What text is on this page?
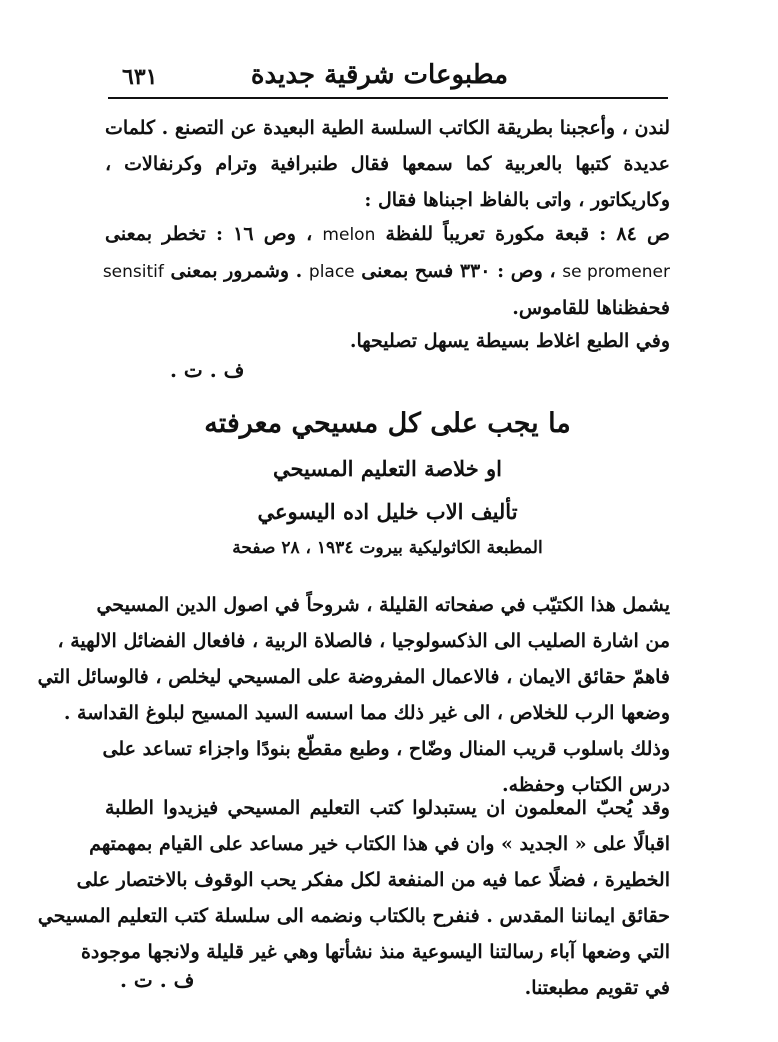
مطبوعات شرقية جديدة
٦٣١
لندن ، وأعجبنا بطريقة الكاتب السلسة الطية البعيدة عن التصنع . كلمات
عديدة كتبها بالعربية كما سمعها فقال طنبرافية وترام وكرنفالات ،
وكاريكاتور ، واتى بالفاظ اجبناها فقال :
ص ٨٤ : قبعة مكورة تعريباً للفظة melon ، وص ١٦ : تخطر بمعنى
se promener ، وص : ٣٣٠ فسح بمعنى place . وشمرور بمعنى sensitif
فحفظناها للقاموس.
وفي الطبع اغلاط بسيطة يسهل تصليحها.
ف . ت .
ما يجب على كل مسيحي معرفته
او خلاصة التعليم المسيحي
تأليف الاب خليل اده اليسوعي
المطبعة الكاثوليكية بيروت ١٩٣٤ ، ٢٨ صفحة
يشمل هذا الكتيّب في صفحاته القليلة ، شروحاً في اصول الدين المسيحي
من اشارة الصليب الى الذكسولوجيا ، فالصلاة الربية ، فافعال الفضائل الالهية ،
فاهمّ حقائق الايمان ، فالاعمال المفروضة على المسيحي ليخلص ، فالوسائل التي
وضعها الرب للخلاص ، الى غير ذلك مما اسسه السيد المسيح لبلوغ القداسة .
وذلك باسلوب قريب المنال وضّاح ، وطبع مقطّع بنودًا واجزاء تساعد على
درس الكتاب وحفظه.
وقد يُحبّ المعلمون ان يستبدلوا كتب التعليم المسيحي فيزيدوا الطلبة
اقبالًا على « الجديد » وان في هذا الكتاب خير مساعد على القيام بمهمتهم
الخطيرة ، فضلًا عما فيه من المنفعة لكل مفكر يحب الوقوف بالاختصار على
حقائق ايماننا المقدس . فنفرح بالكتاب ونضمه الى سلسلة كتب التعليم المسيحي
التي وضعها آباء رسالتنا اليسوعية منذ نشأتها وهي غير قليلة ولانجها موجودة
في تقويم مطبعتنا.
ف . ت .
